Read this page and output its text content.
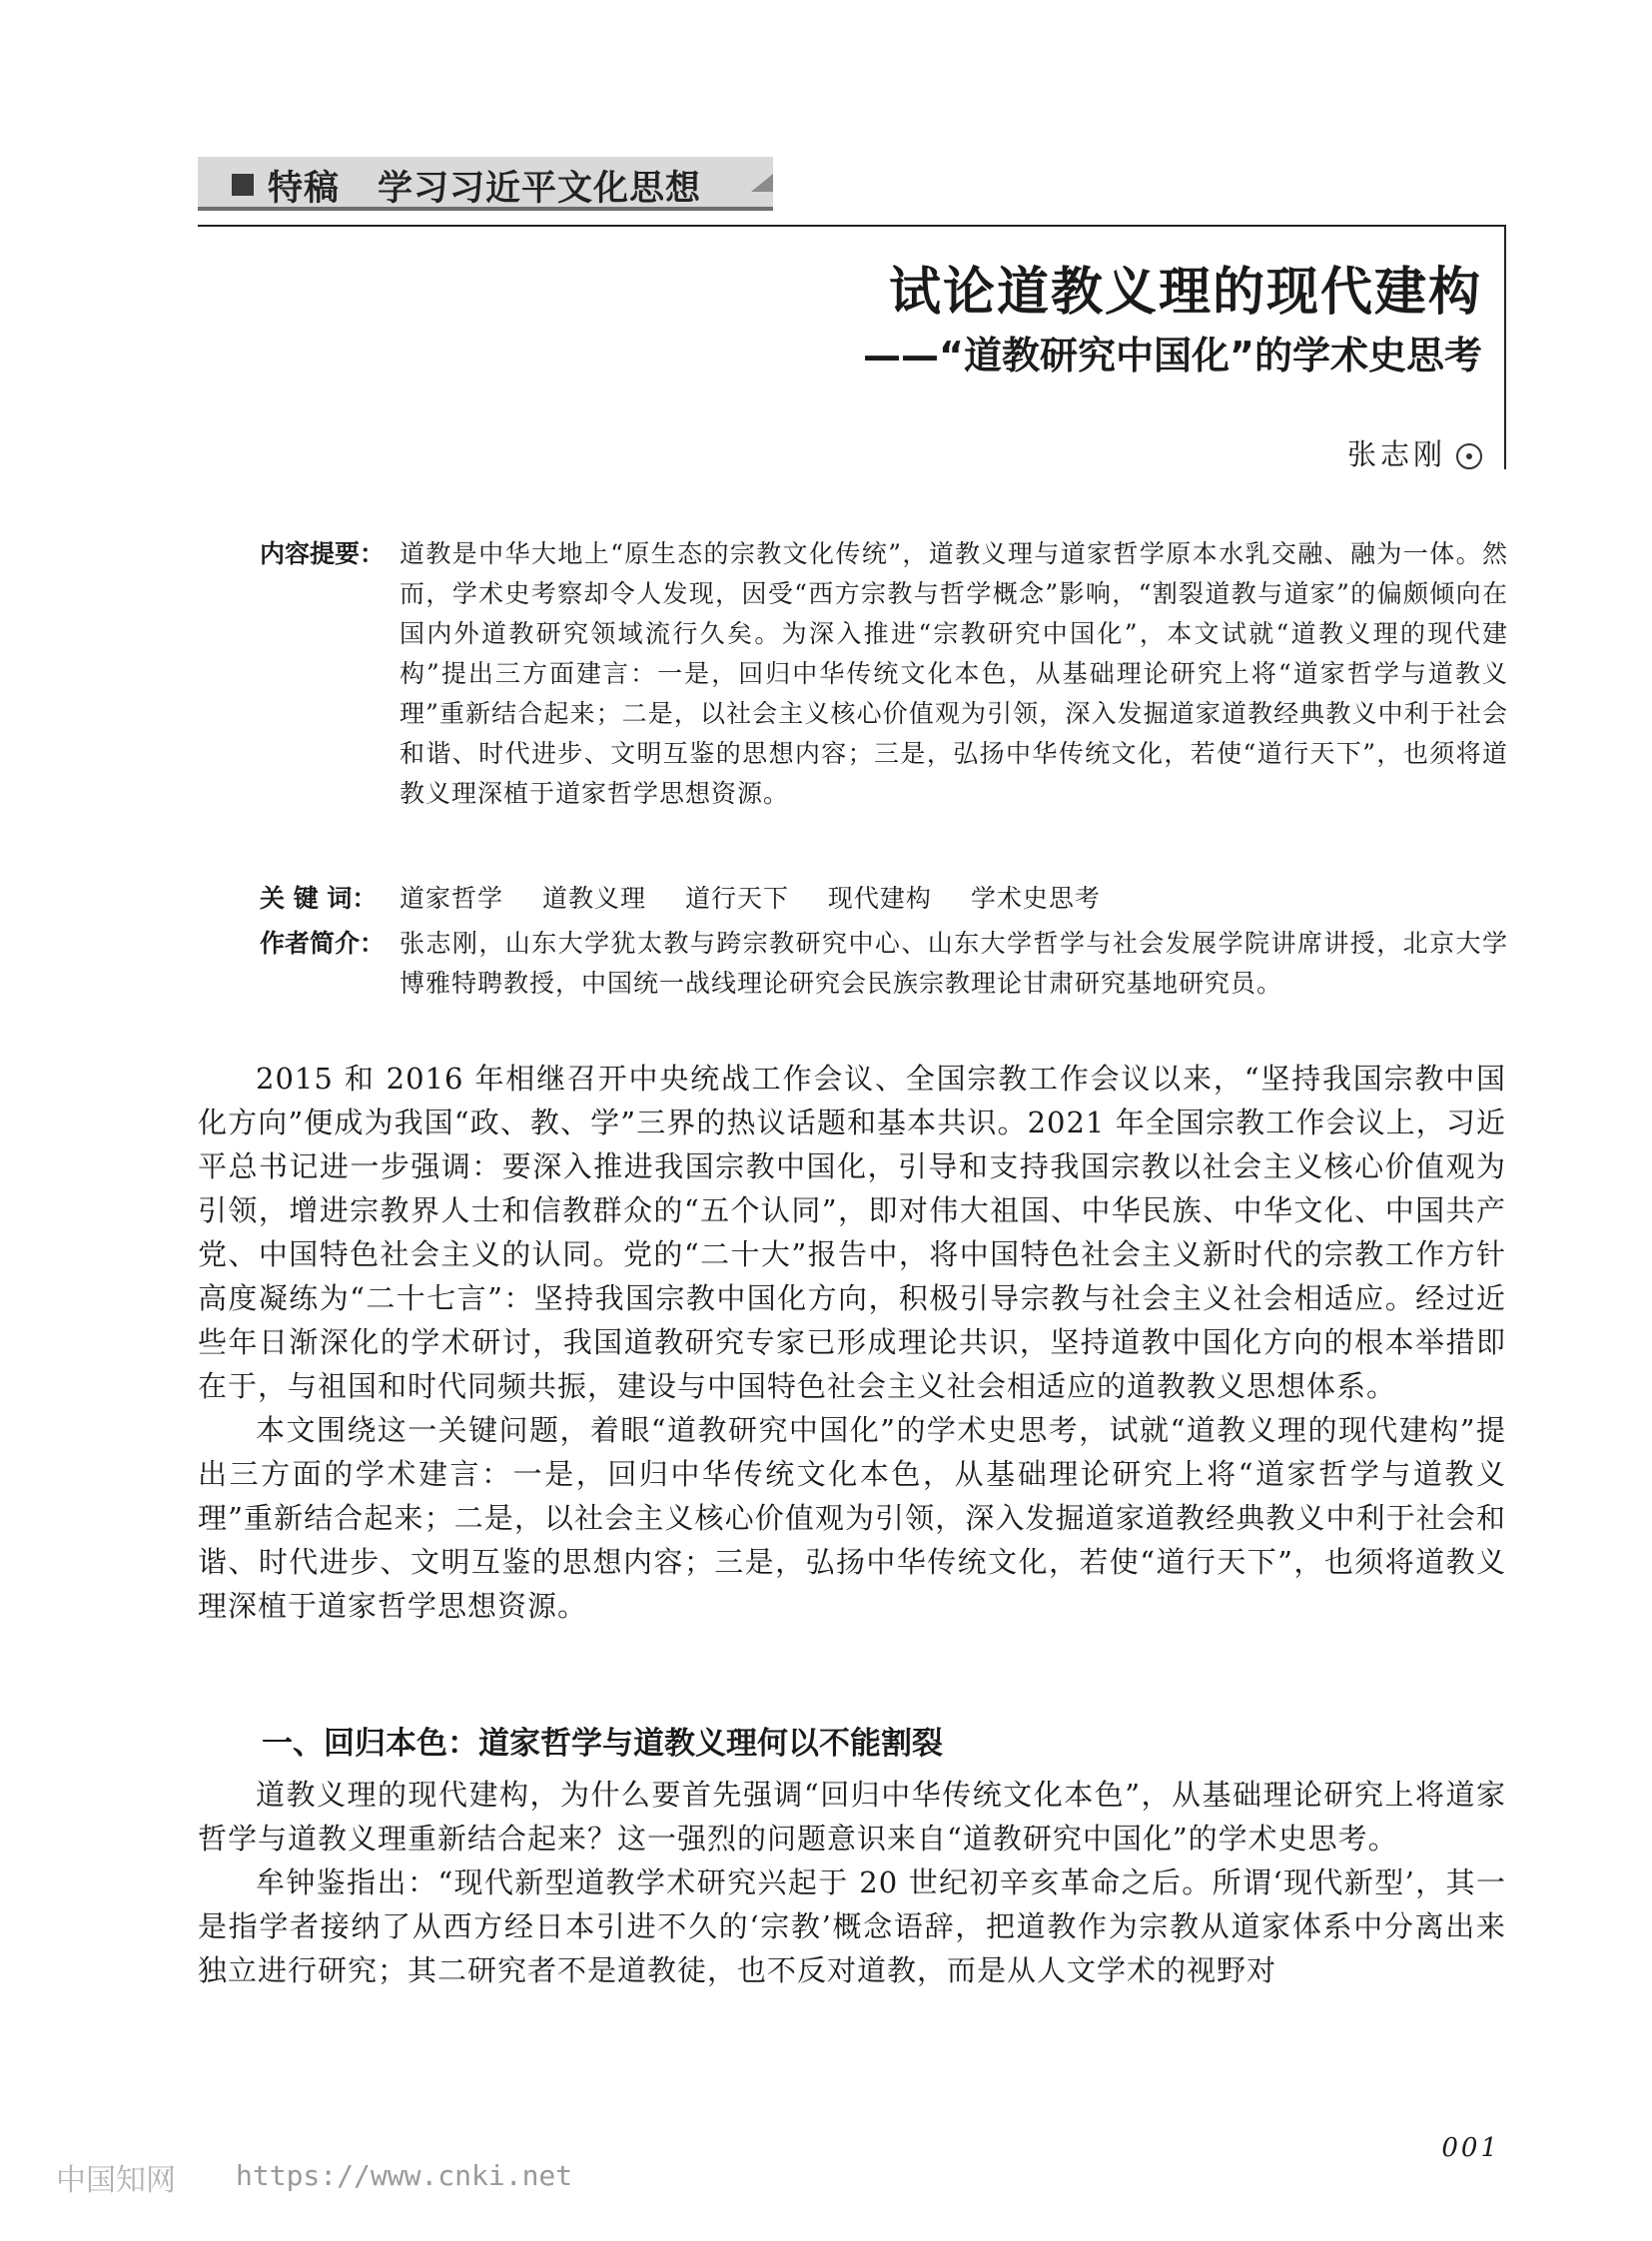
特稿 学习习近平文化思想
试论道教义理的现代建构
——“道教研究中国化”的学术史思考
张志刚
内容提要： 道教是中华大地上“原生态的宗教文化传统”，道教义理与道家哲学原本水乳交融、融为一体。然而，学术史考察却令人发现，因受“西方宗教与哲学概念”影响，“割裂道教与道家”的偏颇倾向在国内外道教研究领域流行久矣。为深入推进“宗教研究中国化”，本文试就“道教义理的现代建构”提出三方面建言：一是，回归中华传统文化本色，从基础理论研究上将“道家哲学与道教义理”重新结合起来；二是，以社会主义核心价值观为引领，深入发掘道家道教经典教义中利于社会和谐、时代进步、文明互鉴的思想内容；三是，弘扬中华传统文化，若使“道行天下”，也须将道教义理深植于道家哲学思想资源。
关 键 词： 道家哲学 道教义理 道行天下 现代建构 学术史思考
作者简介： 张志刚，山东大学犹太教与跨宗教研究中心、山东大学哲学与社会发展学院讲席讲授，北京大学博雅特聘教授，中国统一战线理论研究会民族宗教理论甘肃研究基地研究员。

2015 和 2016 年相继召开中央统战工作会议、全国宗教工作会议以来，“坚持我国宗教中国化方向”便成为我国“政、教、学”三界的热议话题和基本共识。2021 年全国宗教工作会议上，习近平总书记进一步强调：要深入推进我国宗教中国化，引导和支持我国宗教以社会主义核心价值观为引领，增进宗教界人士和信教群众的“五个认同”，即对伟大祖国、中华民族、中华文化、中国共产党、中国特色社会主义的认同。党的“二十大”报告中，将中国特色社会主义新时代的宗教工作方针高度凝练为“二十七言”：坚持我国宗教中国化方向，积极引导宗教与社会主义社会相适应。经过近些年日渐深化的学术研讨，我国道教研究专家已形成理论共识，坚持道教中国化方向的根本举措即在于，与祖国和时代同频共振，建设与中国特色社会主义社会相适应的道教教义思想体系。

本文围绕这一关键问题，着眼“道教研究中国化”的学术史思考，试就“道教义理的现代建构”提出三方面的学术建言：一是，回归中华传统文化本色，从基础理论研究上将“道家哲学与道教义理”重新结合起来；二是，以社会主义核心价值观为引领，深入发掘道家道教经典教义中利于社会和谐、时代进步、文明互鉴的思想内容；三是，弘扬中华传统文化，若使“道行天下”，也须将道教义理深植于道家哲学思想资源。

一、回归本色：道家哲学与道教义理何以不能割裂

道教义理的现代建构，为什么要首先强调“回归中华传统文化本色”，从基础理论研究上将道家哲学与道教义理重新结合起来？这一强烈的问题意识来自“道教研究中国化”的学术史思考。

牟钟鉴指出：“现代新型道教学术研究兴起于 20 世纪初辛亥革命之后。所谓‘现代新型’，其一是指学者接纳了从西方经日本引进不久的‘宗教’概念语辞，把道教作为宗教从道家体系中分离出来独立进行研究；其二研究者不是道教徒，也不反对道教，而是从人文学术的视野对

001
中国知网 https://www.cnki.net
